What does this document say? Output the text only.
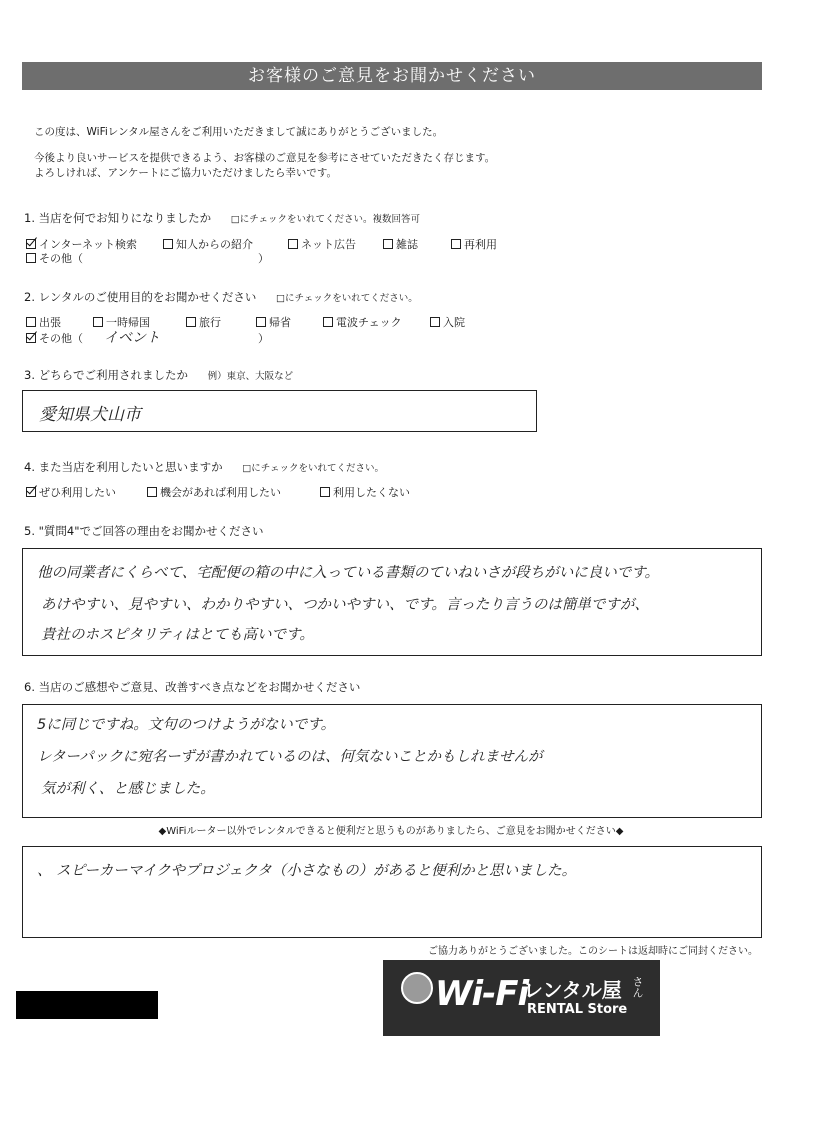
お客様のご意見をお聞かせください
この度は、WiFiレンタル屋さんをご利用いただきまして誠にありがとうございました。
今後より良いサービスを提供できるよう、お客様のご意見を参考にさせていただきたく存じます。
よろしければ、アンケートにご協力いただけましたら幸いです。
1. 当店を何でお知りになりましたか □にチェックをいれてください。複数回答可
インターネット検索	知人からの紹介	ネット広告	雑誌	再利用
その他（	）
2. レンタルのご使用目的をお聞かせください □にチェックをいれてください。
出張	一時帰国	旅行	帰省	電波チェック	入院
その他（ イベント	）
3. どちらでご利用されましたか 例）東京、大阪など
愛知県犬山市
4. また当店を利用したいと思いますか □にチェックをいれてください。
ぜひ利用したい	機会があれば利用したい	利用したくない
5. "質問4"でご回答の理由をお聞かせください
他の同業者にくらべて、宅配便の箱の中に入っている書類のていねいさが段ちがいに良いです。
あけやすい、見やすい、わかりやすい、つかいやすい、です。言ったり言うのは簡単ですが、
貴社のホスピタリティはとても高いです。
6. 当店のご感想やご意見、改善すべき点などをお聞かせください
5に同じですね。文句のつけようがないです。
レターパックに宛名ーずが書かれているのは、何気ないことかもしれませんが
気が利く、と感じました。
◆WiFiルーター以外でレンタルできると便利だと思うものがありましたら、ご意見をお聞かせください◆
、 スピーカーマイクやプロジェクタ（小さなもの）があると便利かと思いました。
ご協力ありがとうございました。このシートは返却時にご同封ください。
Wi-Fi
レンタル屋 さん
RENTAL Store
